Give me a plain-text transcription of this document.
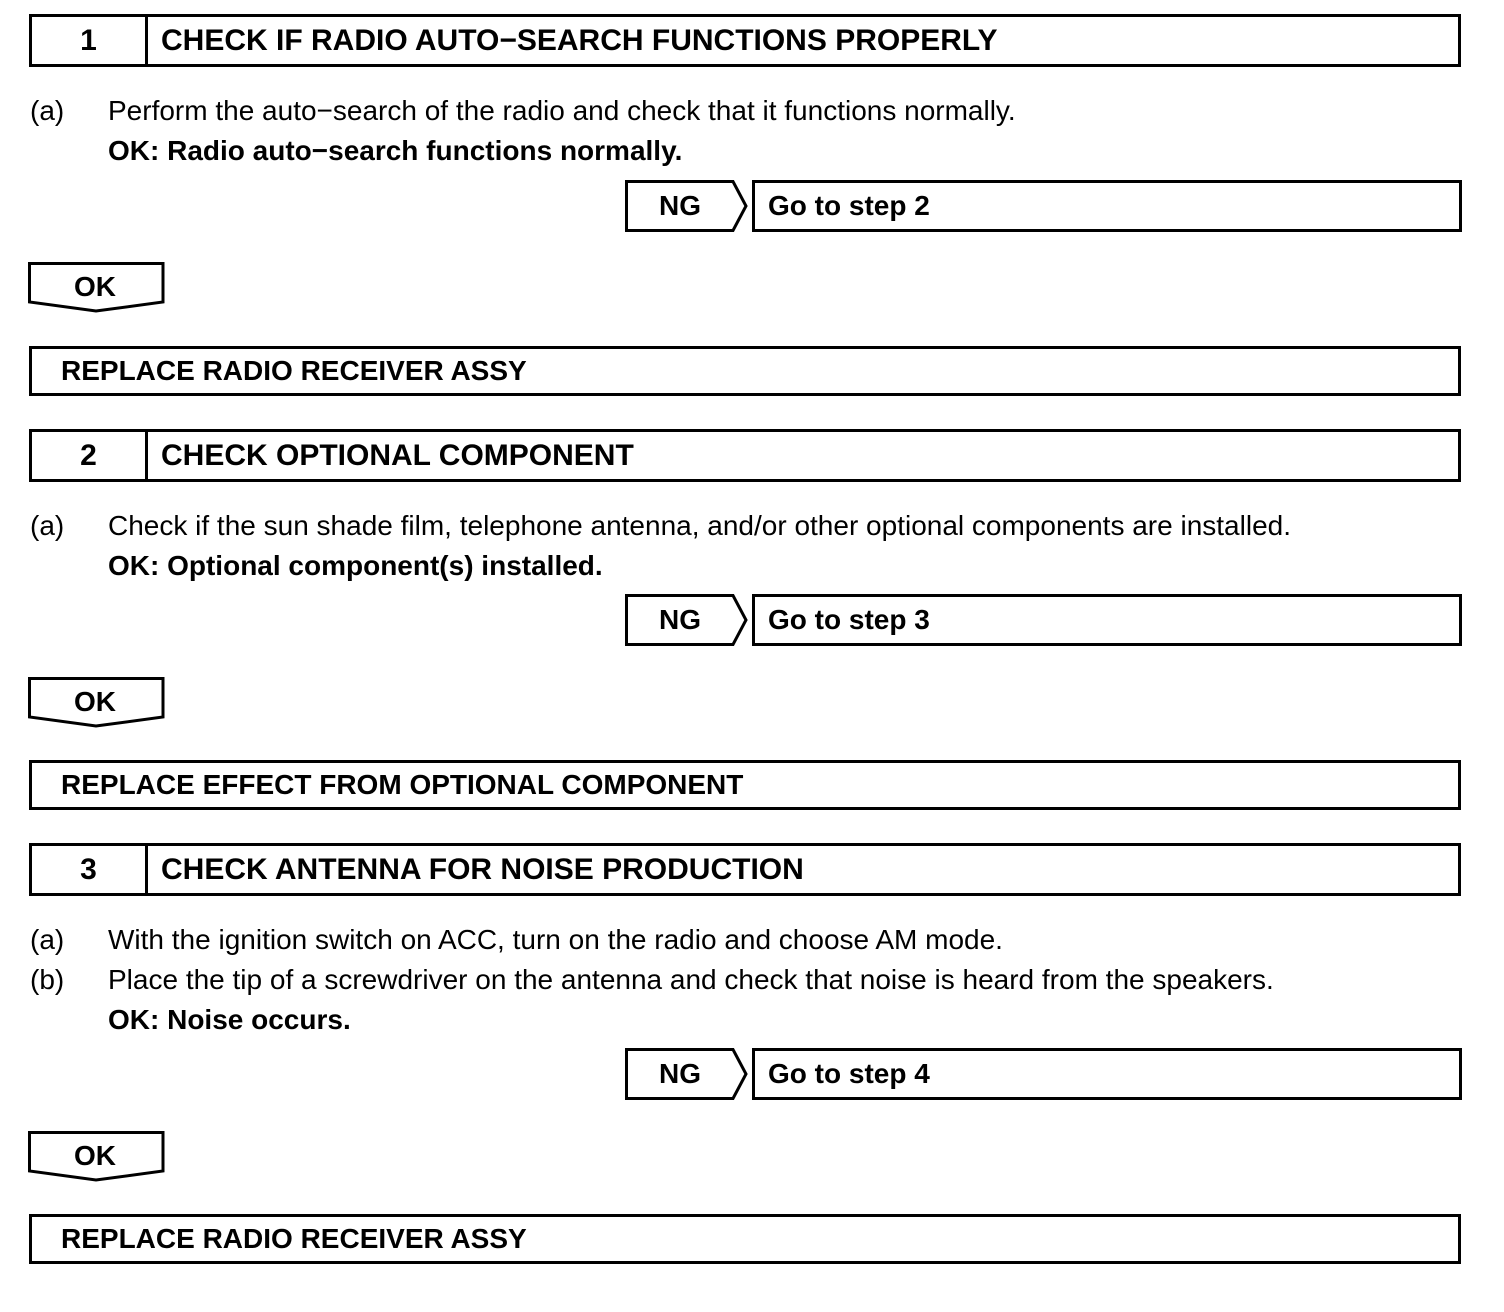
1	CHECK IF RADIO AUTO−SEARCH FUNCTIONS PROPERLY
(a)	Perform the auto−search of the radio and check that it functions normally.
OK: Radio auto−search functions normally.
NG	Go to step 2
OK
REPLACE RADIO RECEIVER ASSY
2	CHECK OPTIONAL COMPONENT
(a)	Check if the sun shade film, telephone antenna, and/or other optional components are installed.
OK: Optional component(s) installed.
NG	Go to step 3
OK
REPLACE EFFECT FROM OPTIONAL COMPONENT
3	CHECK ANTENNA FOR NOISE PRODUCTION
(a)	With the ignition switch on ACC, turn on the radio and choose AM mode.
(b)	Place the tip of a screwdriver on the antenna and check that noise is heard from the speakers.
OK: Noise occurs.
NG	Go to step 4
OK
REPLACE RADIO RECEIVER ASSY
